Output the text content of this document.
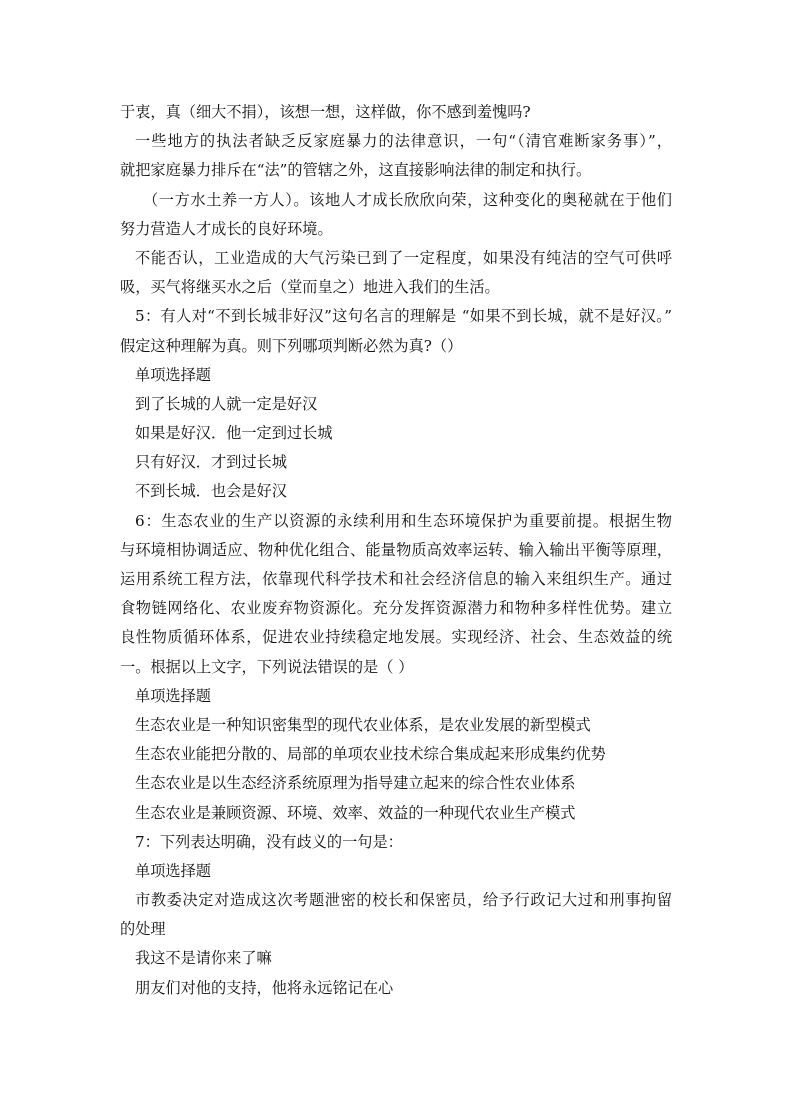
于衷，真（细大不捐），该想一想，这样做，你不感到羞愧吗?
一些地方的执法者缺乏反家庭暴力的法律意识，一句“（清官难断家务事）”，
就把家庭暴力排斥在“法”的管辖之外，这直接影响法律的制定和执行。
（一方水土养一方人）。该地人才成长欣欣向荣，这种变化的奥秘就在于他们
努力营造人才成长的良好环境。
不能否认，工业造成的大气污染已到了一定程度，如果没有纯洁的空气可供呼
吸，买气将继买水之后（堂而皇之）地进入我们的生活。
5：有人对“不到长城非好汉”这句名言的理解是 “如果不到长城，就不是好汉。”
假定这种理解为真。则下列哪项判断必然为真?（）
单项选择题
到了长城的人就一定是好汉
如果是好汉．他一定到过长城
只有好汉．才到过长城
不到长城．也会是好汉
6：生态农业的生产以资源的永续利用和生态环境保护为重要前提。根据生物
与环境相协调适应、物种优化组合、能量物质高效率运转、输入输出平衡等原理，
运用系统工程方法，依靠现代科学技术和社会经济信息的输入来组织生产。通过
食物链网络化、农业废弃物资源化。充分发挥资源潜力和物种多样性优势。建立
良性物质循环体系，促进农业持续稳定地发展。实现经济、社会、生态效益的统
一。根据以上文字，下列说法错误的是（ ）
单项选择题
生态农业是一种知识密集型的现代农业体系，是农业发展的新型模式
生态农业能把分散的、局部的单项农业技术综合集成起来形成集约优势
生态农业是以生态经济系统原理为指导建立起来的综合性农业体系
生态农业是兼顾资源、环境、效率、效益的一种现代农业生产模式
7：下列表达明确，没有歧义的一句是：
单项选择题
市教委决定对造成这次考题泄密的校长和保密员，给予行政记大过和刑事拘留
的处理
我这不是请你来了嘛
朋友们对他的支持，他将永远铭记在心
